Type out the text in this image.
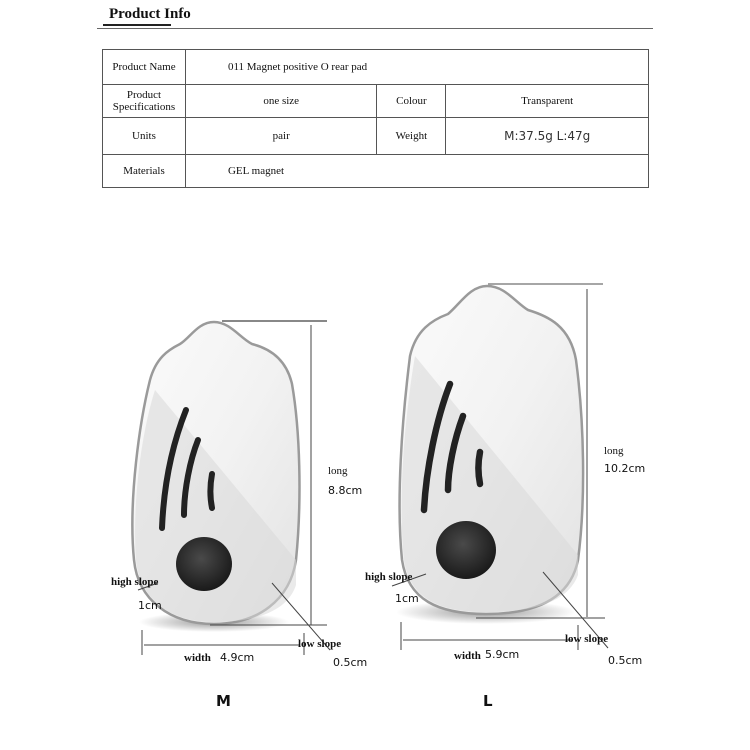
Product Info
Product Name	011 Magnet positive O rear pad		
Product
Specifications	one size	Colour	Transparent
Units	pair	Weight	M:37.5g L:47g
Materials	GEL magnet		
long
8.8cm
high slope
1cm
width 4.9cm
low slope
0.5cm
M
long
10.2cm
high slope
1cm
width 5.9cm
low slope
0.5cm
L
